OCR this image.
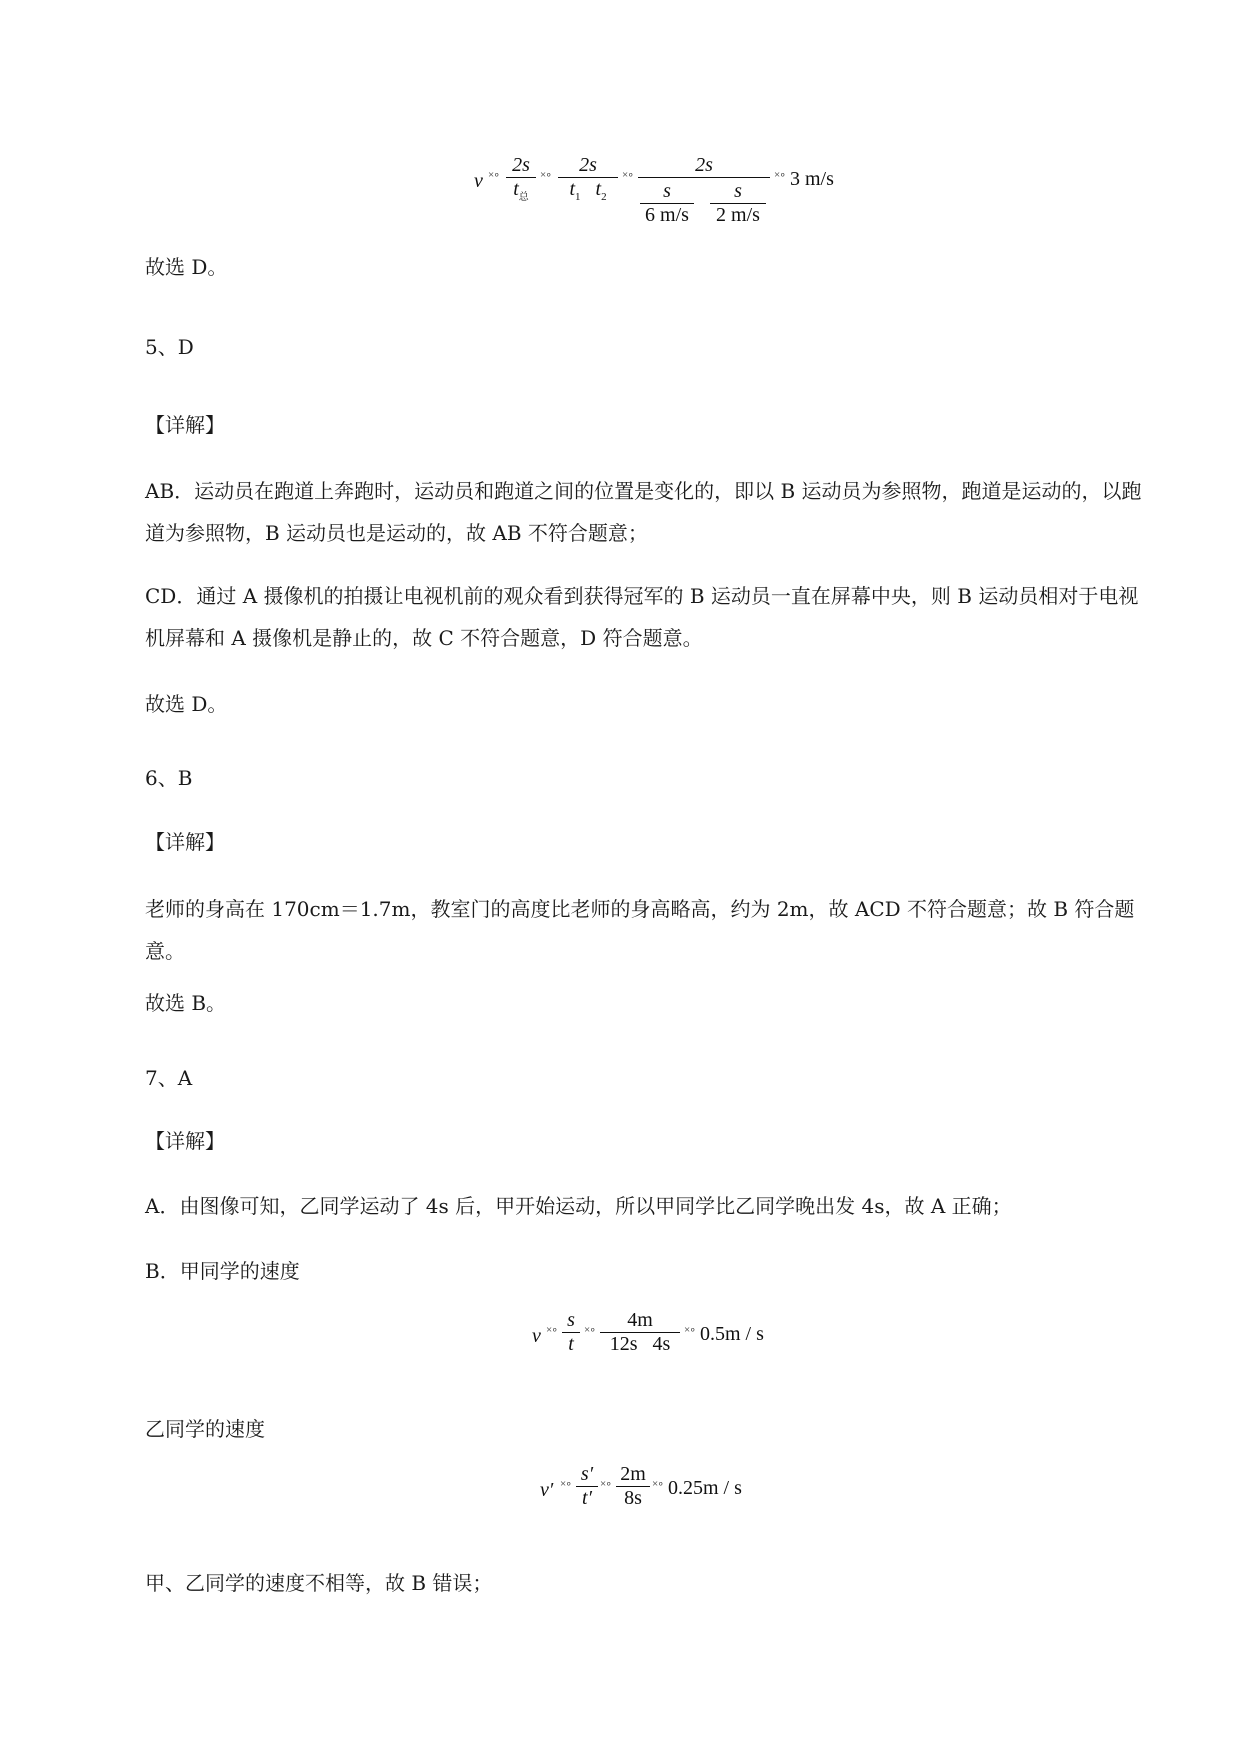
v ×∘ 2s
$t_总$
×∘	2s
$t_1$ $t_2$
×∘	2s
s
6 m/s
s
2 m/s
×∘ 3 m/s

故选 D。

5、D

【详解】

AB．运动员在跑道上奔跑时，运动员和跑道之间的位置是变化的，即以 B 运动员为参照物，跑道是运动的，以跑道为参照物，B 运动员也是运动的，故 AB 不符合题意；

CD．通过 A 摄像机的拍摄让电视机前的观众看到获得冠军的 B 运动员一直在屏幕中央，则 B 运动员相对于电视机屏幕和 A 摄像机是静止的，故 C 不符合题意，D 符合题意。

故选 D。

6、B

【详解】

老师的身高在 170cm＝1.7m，教室门的高度比老师的身高略高，约为 2m，故 ACD 不符合题意；故 B 符合题意。

故选 B。

7、A

【详解】

A．由图像可知，乙同学运动了 4s 后，甲开始运动，所以甲同学比乙同学晚出发 4s，故 A 正确；

B．甲同学的速度

v ×∘ s
t
×∘	4m
12s   4s
×∘ 0.5m / s

乙同学的速度

v′ ×∘ s′
t′
×∘ 2m
8s
×∘ 0.25m / s

甲、乙同学的速度不相等，故 B 错误；
